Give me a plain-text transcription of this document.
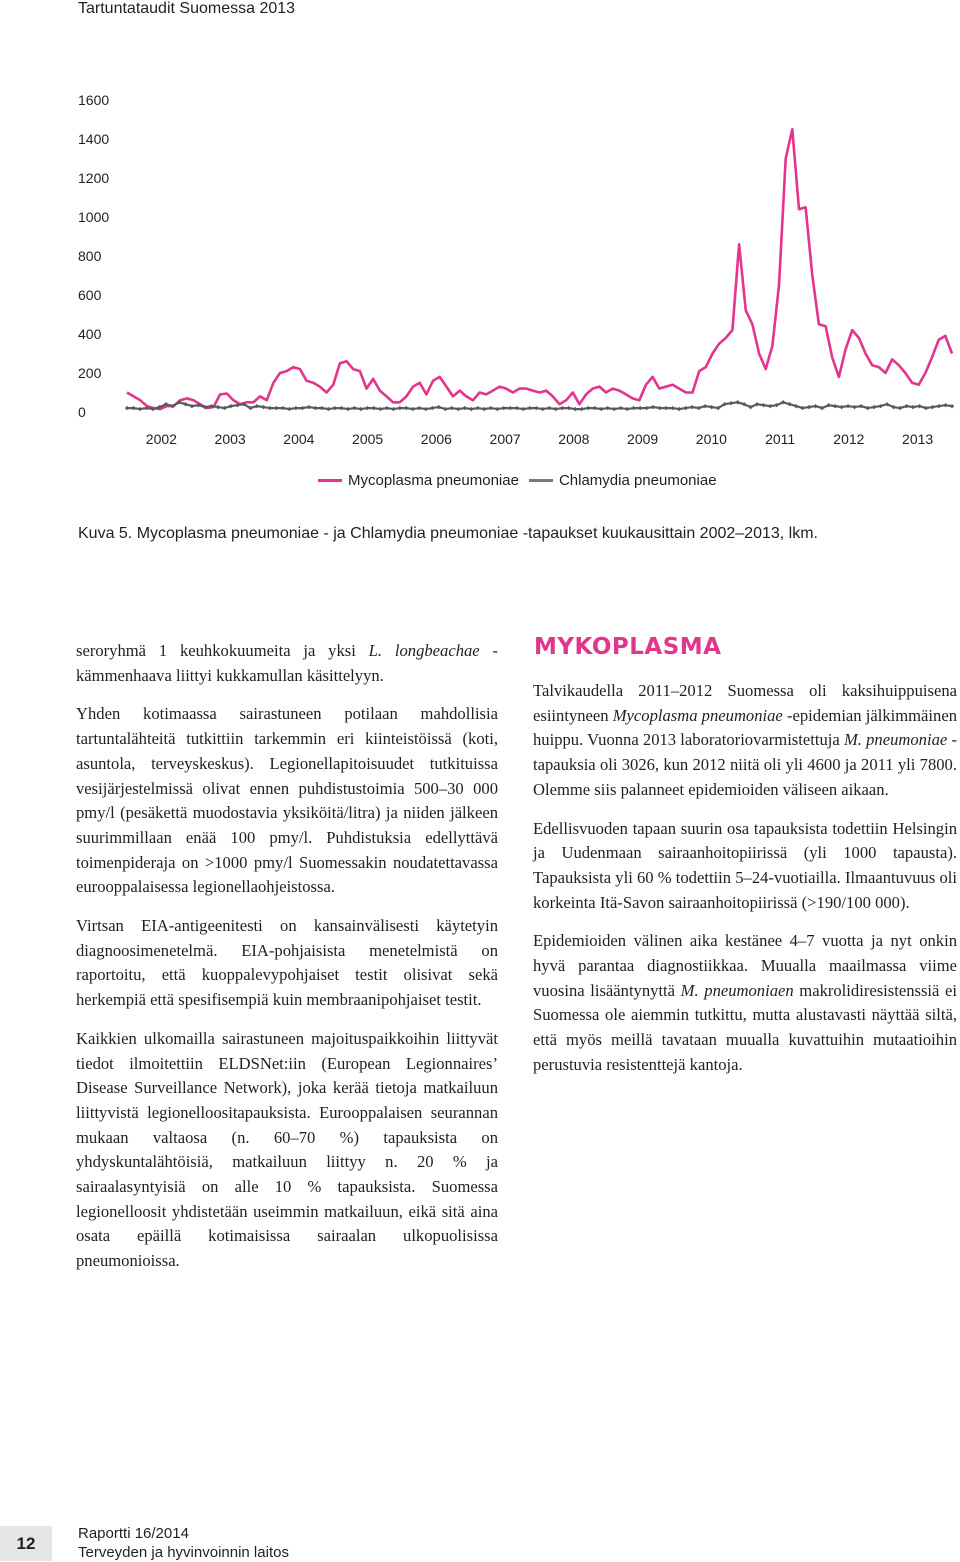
Tartuntataudit Suomessa 2013
0
200
400
600
800
1000
1200
1400
1600
2002	2003	2004	2005	2006	2007	2008	2009	2010	2011	2012	2013
Mycoplasma pneumoniae	Chlamydia pneumoniae
Kuva 5. Mycoplasma pneumoniae - ja Chlamydia pneumoniae -tapaukset kuukausittain 2002–2013, lkm.

seroryhmä 1 keuhkokuumeita ja yksi L. longbeachae -kämmenhaava liittyi kukkamullan käsittelyyn.

Yhden kotimaassa sairastuneen potilaan mahdollisia tartuntalähteitä tutkittiin tarkemmin eri kiinteistöissä (koti, asuntola, terveyskeskus). Legionellapitoisuudet tutkituissa vesijärjestelmissä olivat ennen puhdistustoimia 500–30 000 pmy/l (pesäkettä muodostavia yksiköitä/litra) ja niiden jälkeen suurimmillaan enää 100 pmy/l. Puhdistuksia edellyttävä toimenpideraja on >1000 pmy/l Suomessakin noudatettavassa eurooppalaisessa legionellaohjeistossa.

Virtsan EIA-antigeenitesti on kansainvälisesti käytetyin diagnoosimenetelmä. EIA-pohjaisista menetelmistä on raportoitu, että kuoppalevypohjaiset testit olisivat sekä herkempiä että spesifisempiä kuin membraanipohjaiset testit.

Kaikkien ulkomailla sairastuneen majoituspaikkoihin liittyvät tiedot ilmoitettiin ELDSNet:iin (European Legionnaires’ Disease Surveillance Network), joka kerää tietoja matkailuun liittyvistä legionelloositapauksista. Eurooppalaisen seurannan mukaan valtaosa (n. 60–70 %) tapauksista on yhdyskuntalähtöisiä, matkailuun liittyy n. 20 % ja sairaalasyntyisiä on alle 10 % tapauksista. Suomessa legionelloosit yhdistetään useimmin matkailuun, eikä sitä aina osata epäillä kotimaisissa sairaalan ulkopuolisissa pneumonioissa.

MYKOPLASMA

Talvikaudella 2011–2012 Suomessa oli kaksihuippuisena esiintyneen Mycoplasma pneumoniae -epidemian jälkimmäinen huippu. Vuonna 2013 laboratoriovarmistettuja M. pneumoniae -tapauksia oli 3026, kun 2012 niitä oli yli 4600 ja 2011 yli 7800. Olemme siis palanneet epidemioiden väliseen aikaan.

Edellisvuoden tapaan suurin osa tapauksista todettiin Helsingin ja Uudenmaan sairaanhoitopiirissä (yli 1000 tapausta). Tapauksista yli 60 % todettiin 5–24-vuotiailla. Ilmaantuvuus oli korkeinta Itä-Savon sairaanhoitopiirissä (>190/100 000).

Epidemioiden välinen aika kestänee 4–7 vuotta ja nyt onkin hyvä parantaa diagnostiikkaa. Muualla maailmassa viime vuosina lisääntynyttä M. pneumoniaen makrolidiresistenssiä ei Suomessa ole aiemmin tutkittu, mutta alustavasti näyttää siltä, että myös meillä tavataan muualla kuvattuihin mutaatioihin perustuvia resistenttejä kantoja.

12	Raportti 16/2014
Terveyden ja hyvinvoinnin laitos
